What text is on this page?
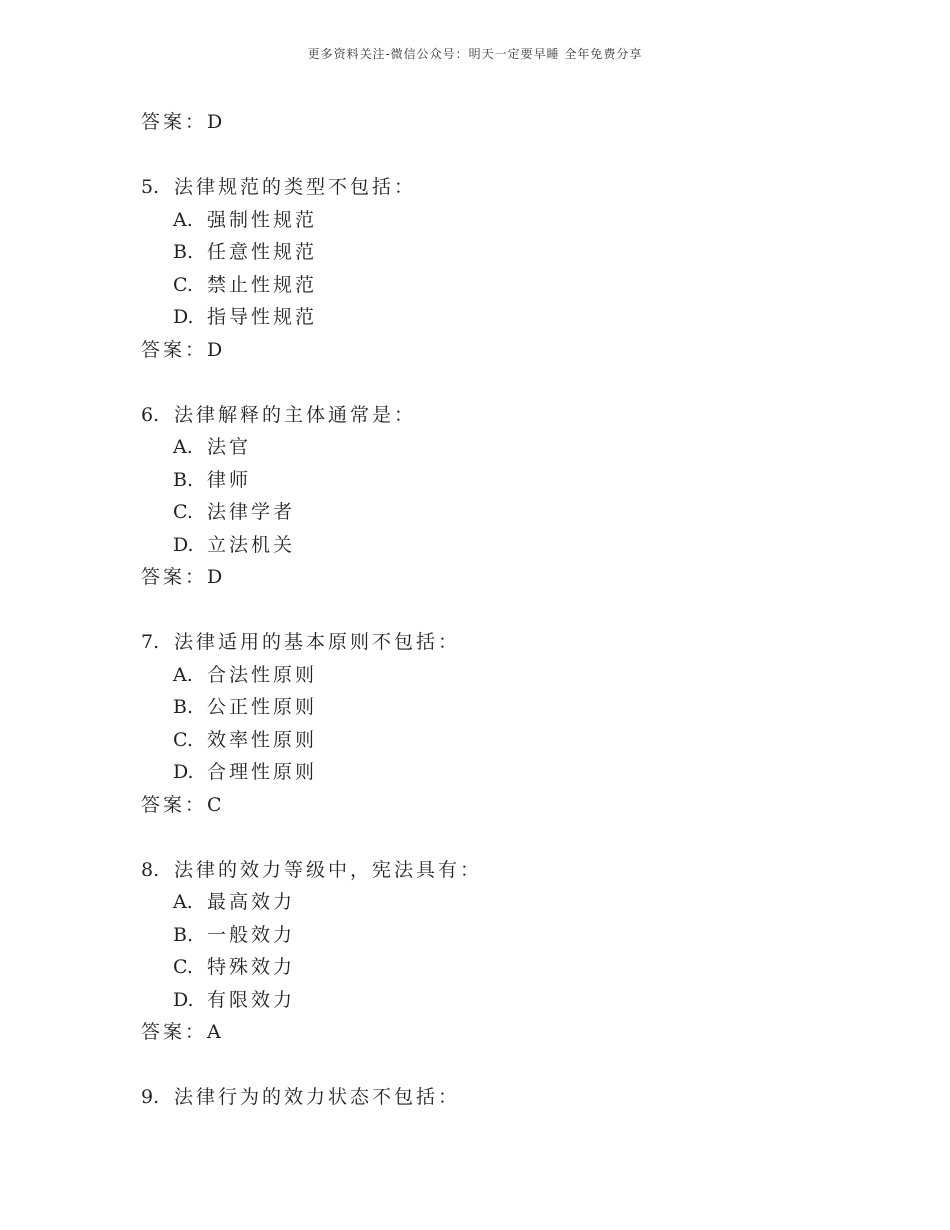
更多资料关注-微信公众号：明天一定要早睡 全年免费分享
答案：D
5. 法律规范的类型不包括：
A. 强制性规范
B. 任意性规范
C. 禁止性规范
D. 指导性规范
答案：D
6. 法律解释的主体通常是：
A. 法官
B. 律师
C. 法律学者
D. 立法机关
答案：D
7. 法律适用的基本原则不包括：
A. 合法性原则
B. 公正性原则
C. 效率性原则
D. 合理性原则
答案：C
8. 法律的效力等级中，宪法具有：
A. 最高效力
B. 一般效力
C. 特殊效力
D. 有限效力
答案：A
9. 法律行为的效力状态不包括：
